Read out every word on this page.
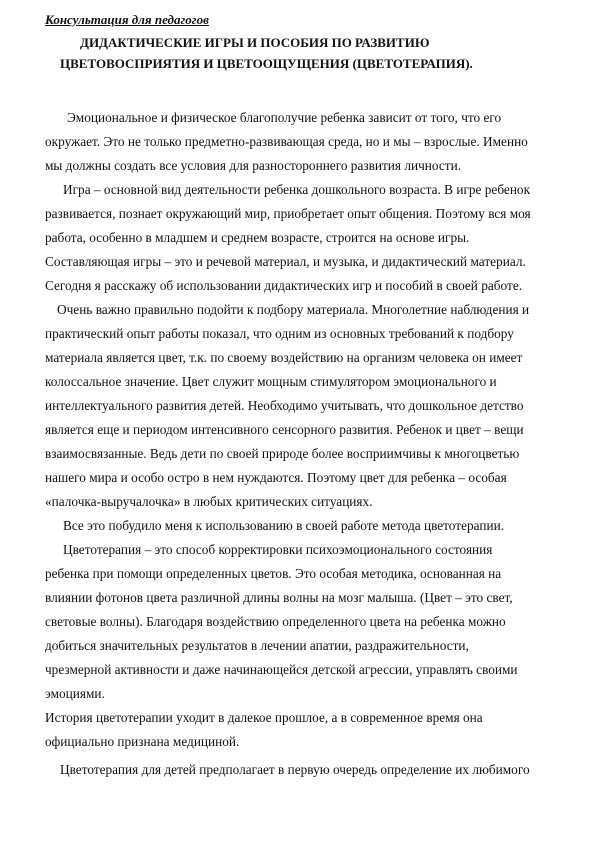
Консультация для педагогов
ДИДАКТИЧЕСКИЕ ИГРЫ И ПОСОБИЯ ПО РАЗВИТИЮ
ЦВЕТОВОСПРИЯТИЯ И ЦВЕТООЩУЩЕНИЯ (ЦВЕТОТЕРАПИЯ).
Эмоциональное и физическое благополучие ребенка зависит от того, что его
окружает. Это не только предметно-развивающая среда, но и мы – взрослые. Именно
мы должны создать все условия для разностороннего развития личности.
Игра – основной вид деятельности ребенка дошкольного возраста. В игре ребенок
развивается, познает окружающий мир, приобретает опыт общения. Поэтому вся моя
работа, особенно в младшем и среднем возрасте, строится на основе игры.
Составляющая игры – это и речевой материал, и музыка, и дидактический материал.
Сегодня я расскажу об использовании дидактических игр и пособий в своей работе.
Очень важно правильно подойти к подбору материала. Многолетние наблюдения и
практический опыт работы показал, что одним из основных требований к подбору
материала является цвет, т.к. по своему воздействию на организм человека он имеет
колоссальное значение. Цвет служит мощным стимулятором эмоционального и
интеллектуального развития детей. Необходимо учитывать, что дошкольное детство
является еще и периодом интенсивного сенсорного развития. Ребенок и цвет – вещи
взаимосвязанные. Ведь дети по своей природе более восприимчивы к многоцветью
нашего мира и особо остро в нем нуждаются. Поэтому цвет для ребенка – особая
«палочка-выручалочка» в любых критических ситуациях.
Все это побудило меня к использованию в своей работе метода цветотерапии.
Цветотерапия – это способ корректировки психоэмоционального состояния
ребенка при помощи определенных цветов. Это особая методика, основанная на
влиянии фотонов цвета различной длины волны на мозг малыша. (Цвет – это свет,
световые волны). Благодаря воздействию определенного цвета на ребенка можно
добиться значительных результатов в лечении апатии, раздражительности,
чрезмерной активности и даже начинающейся детской агрессии, управлять своими
эмоциями.
История цветотерапии уходит в далекое прошлое, а в современное время она
официально признана медициной.
Цветотерапия для детей предполагает в первую очередь определение их любимого
